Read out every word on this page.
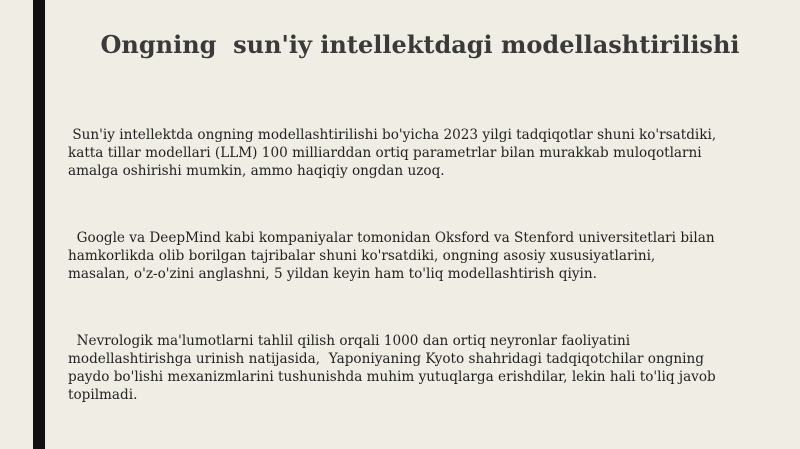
Ongning  sun'iy intellektdagi modellashtirilishi

Sun'iy intellektda ongning modellashtirilishi bo'yicha 2023 yilgi tadqiqotlar shuni ko'rsatdiki,
katta tillar modellari (LLM) 100 milliarddan ortiq parametrlar bilan murakkab muloqotlarni
amalga oshirishi mumkin, ammo haqiqiy ongdan uzoq.

Google va DeepMind kabi kompaniyalar tomonidan Oksford va Stenford universitetlari bilan
hamkorlikda olib borilgan tajribalar shuni ko'rsatdiki, ongning asosiy xususiyatlarini,
masalan, o'z-o'zini anglashni, 5 yildan keyin ham to'liq modellashtirish qiyin.

Nevrologik ma'lumotlarni tahlil qilish orqali 1000 dan ortiq neyronlar faoliyatini
modellashtirishga urinish natijasida,  Yaponiyaning Kyoto shahridagi tadqiqotchilar ongning
paydo bo'lishi mexanizmlarini tushunishda muhim yutuqlarga erishdilar, lekin hali to'liq javob
topilmadi.
